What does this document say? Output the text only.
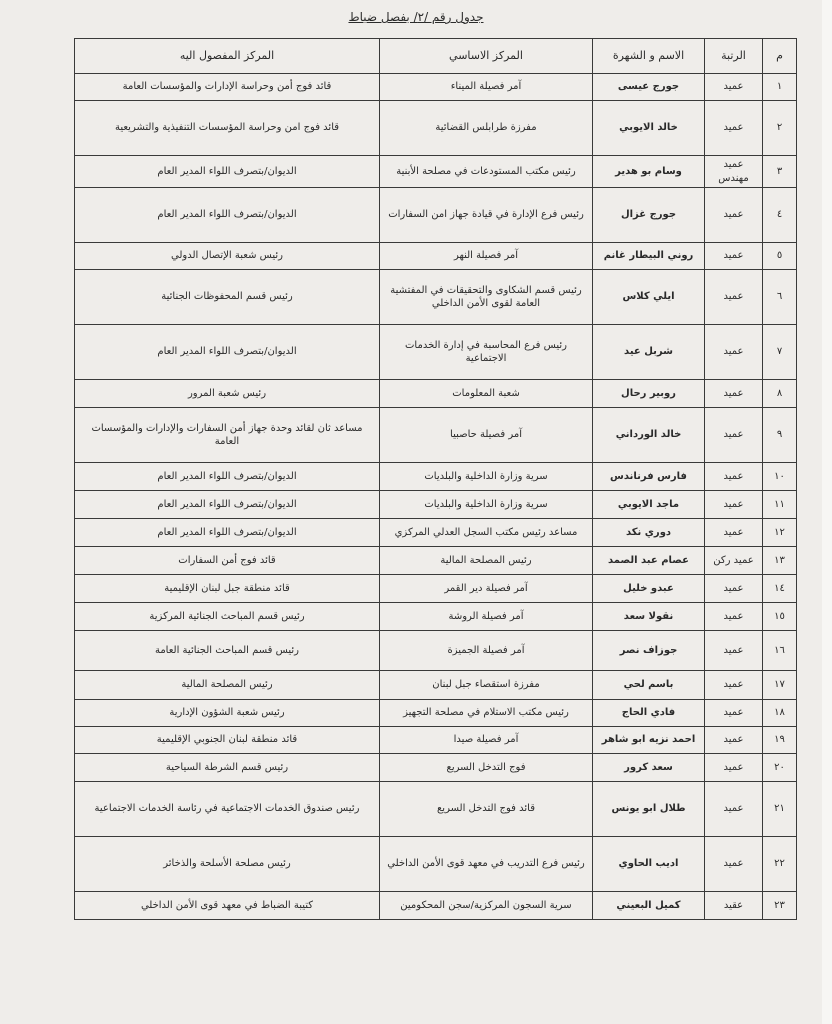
جدول رقم /٢/ بفصل ضباط
م	الرتبة	الاسم و الشهرة	المركز الاساسي	المركز المفصول اليه
١	عميد	جورج عيسى	آمر فصيلة الميناء	قائد فوج أمن وحراسة الإدارات والمؤسسات العامة
٢	عميد	خالد الايوبي	مفرزة طرابلس القضائية	قائد فوج امن وحراسة المؤسسات التنفيذية والتشريعية
٣	عميد مهندس	وسام بو هدير	رئيس مكتب المستودعات في مصلحة الأبنية	الديوان/بتصرف اللواء المدير العام
٤	عميد	جورج غزال	رئيس فرع الإدارة في قيادة جهاز امن السفارات	الديوان/بتصرف اللواء المدير العام
٥	عميد	روني البيطار غانم	آمر فصيلة النهر	رئيس شعبة الإتصال الدولي
٦	عميد	ايلي كلاس	رئيس قسم الشكاوى والتحقيقات في المفتشية العامة لقوى الأمن الداخلي	رئيس قسم المحفوظات الجنائية
٧	عميد	شربل عيد	رئيس فرع المحاسبة في إدارة الخدمات الاجتماعية	الديوان/بتصرف اللواء المدير العام
٨	عميد	روبير رحال	شعبة المعلومات	رئيس شعبة المرور
٩	عميد	خالد الورداني	آمر فصيلة حاصبيا	مساعد ثان لقائد وحدة جهاز أمن السفارات والإدارات والمؤسسات العامة
١٠	عميد	فارس فرناندس	سرية وزارة الداخلية والبلديات	الديوان/بتصرف اللواء المدير العام
١١	عميد	ماجد الايوبي	سرية وزارة الداخلية والبلديات	الديوان/بتصرف اللواء المدير العام
١٢	عميد	دوري نكد	مساعد رئيس مكتب السجل العدلي المركزي	الديوان/بتصرف اللواء المدير العام
١٣	عميد ركن	عصام عبد الصمد	رئيس المصلحة المالية	قائد فوج أمن السفارات
١٤	عميد	عبدو خليل	آمر فصيلة دير القمر	قائد منطقة جبل لبنان الإقليمية
١٥	عميد	نقولا سعد	آمر فصيلة الروشة	رئيس قسم المباحث الجنائية المركزية
١٦	عميد	جوزاف نصر	آمر فصيلة الجميزة	رئيس قسم المباحث الجنائية العامة
١٧	عميد	باسم لحي	مفرزة استقصاء جبل لبنان	رئيس المصلحة المالية
١٨	عميد	فادي الحاج	رئيس مكتب الاستلام في مصلحة التجهيز	رئيس شعبة الشؤون الإدارية
١٩	عميد	احمد نزيه ابو شاهر	آمر فصيلة صيدا	قائد منطقة لبنان الجنوبي الإقليمية
٢٠	عميد	سعد كرور	فوج التدخل السريع	رئيس قسم الشرطة السياحية
٢١	عميد	طلال ابو يونس	قائد فوج التدخل السريع	رئيس صندوق الخدمات الاجتماعية في رئاسة الخدمات الاجتماعية
٢٢	عميد	اديب الحاوي	رئيس فرع التدريب في معهد قوى الأمن الداخلي	رئيس مصلحة الأسلحة والذخائر
٢٣	عقيد	كميل البعيني	سرية السجون المركزية/سجن المحكومين	كتيبة الضباط في معهد قوى الأمن الداخلي
